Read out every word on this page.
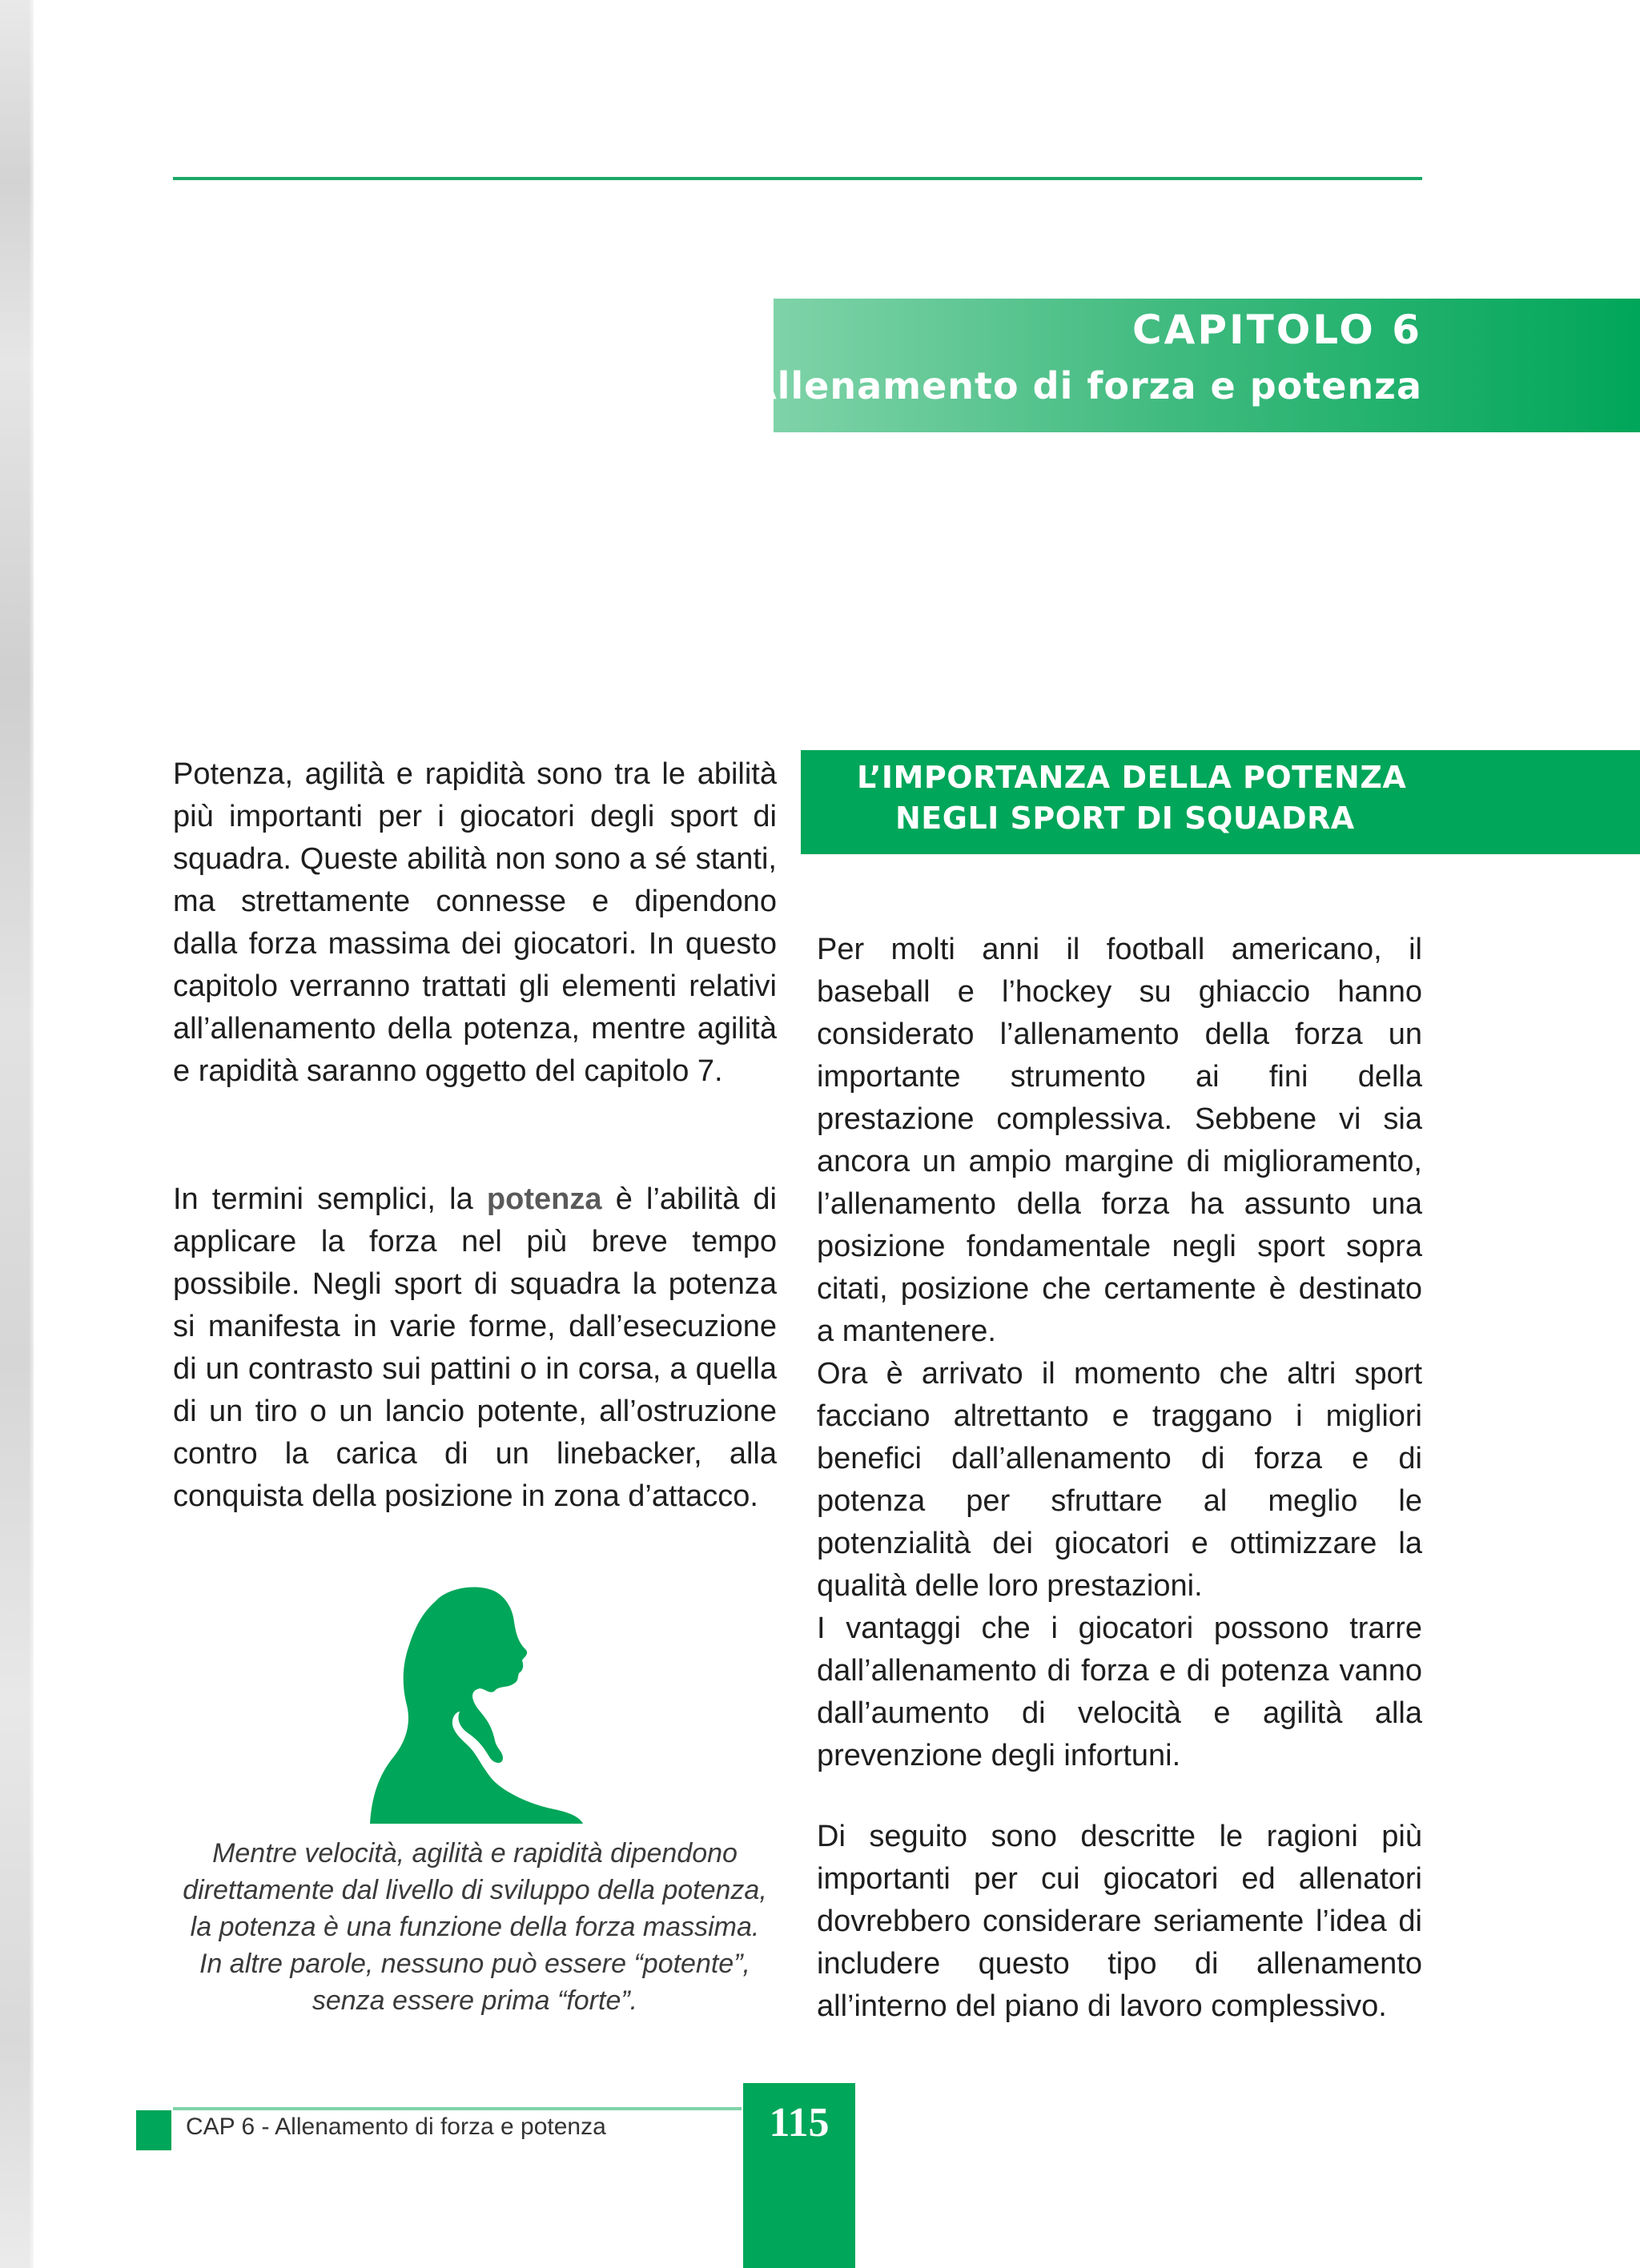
CAPITOLO 6
Allenamento di forza e potenza

Potenza, agilità e rapidità sono tra le abilità più importanti per i giocatori degli sport di squadra. Queste abilità non sono a sé stanti, ma strettamente connesse e dipendono dalla forza massima dei giocatori. In questo capitolo verranno trattati gli elementi relativi all’allenamento della potenza, mentre agilità e rapidità saranno oggetto del capitolo 7.

In termini semplici, la potenza è l’abilità di applicare la forza nel più breve tempo possibile. Negli sport di squadra la potenza si manifesta in varie forme, dall’esecuzione di un contrasto sui pattini o in corsa, a quella di un tiro o un lancio potente, all’ostruzione contro la carica di un linebacker, alla conquista della posizione in zona d’attacco.

Mentre velocità, agilità e rapidità dipendono
direttamente dal livello di sviluppo della potenza,
la potenza è una funzione della forza massima.
In altre parole, nessuno può essere “potente”,
senza essere prima “forte”.
L’IMPORTANZA DELLA POTENZA
NEGLI SPORT DI SQUADRA

Per molti anni il football americano, il baseball e l’hockey su ghiaccio hanno considerato l’allenamento della forza un importante strumento ai fini della prestazione complessiva. Sebbene vi sia ancora un ampio margine di miglioramento, l’allenamento della forza ha assunto una posizione fondamentale negli sport sopra citati, posizione che certamente è destinato a mantenere.

Ora è arrivato il momento che altri sport facciano altrettanto e traggano i migliori benefici dall’allenamento di forza e di potenza per sfruttare al meglio le potenzialità dei giocatori e ottimizzare la qualità delle loro prestazioni.

I vantaggi che i giocatori possono trarre dall’allenamento di forza e di potenza vanno dall’aumento di velocità e agilità alla prevenzione degli infortuni.

Di seguito sono descritte le ragioni più importanti per cui giocatori ed allenatori dovrebbero considerare seriamente l’idea di includere questo tipo di allenamento all’interno del piano di lavoro complessivo.

CAP 6 - Allenamento di forza e potenza	115
